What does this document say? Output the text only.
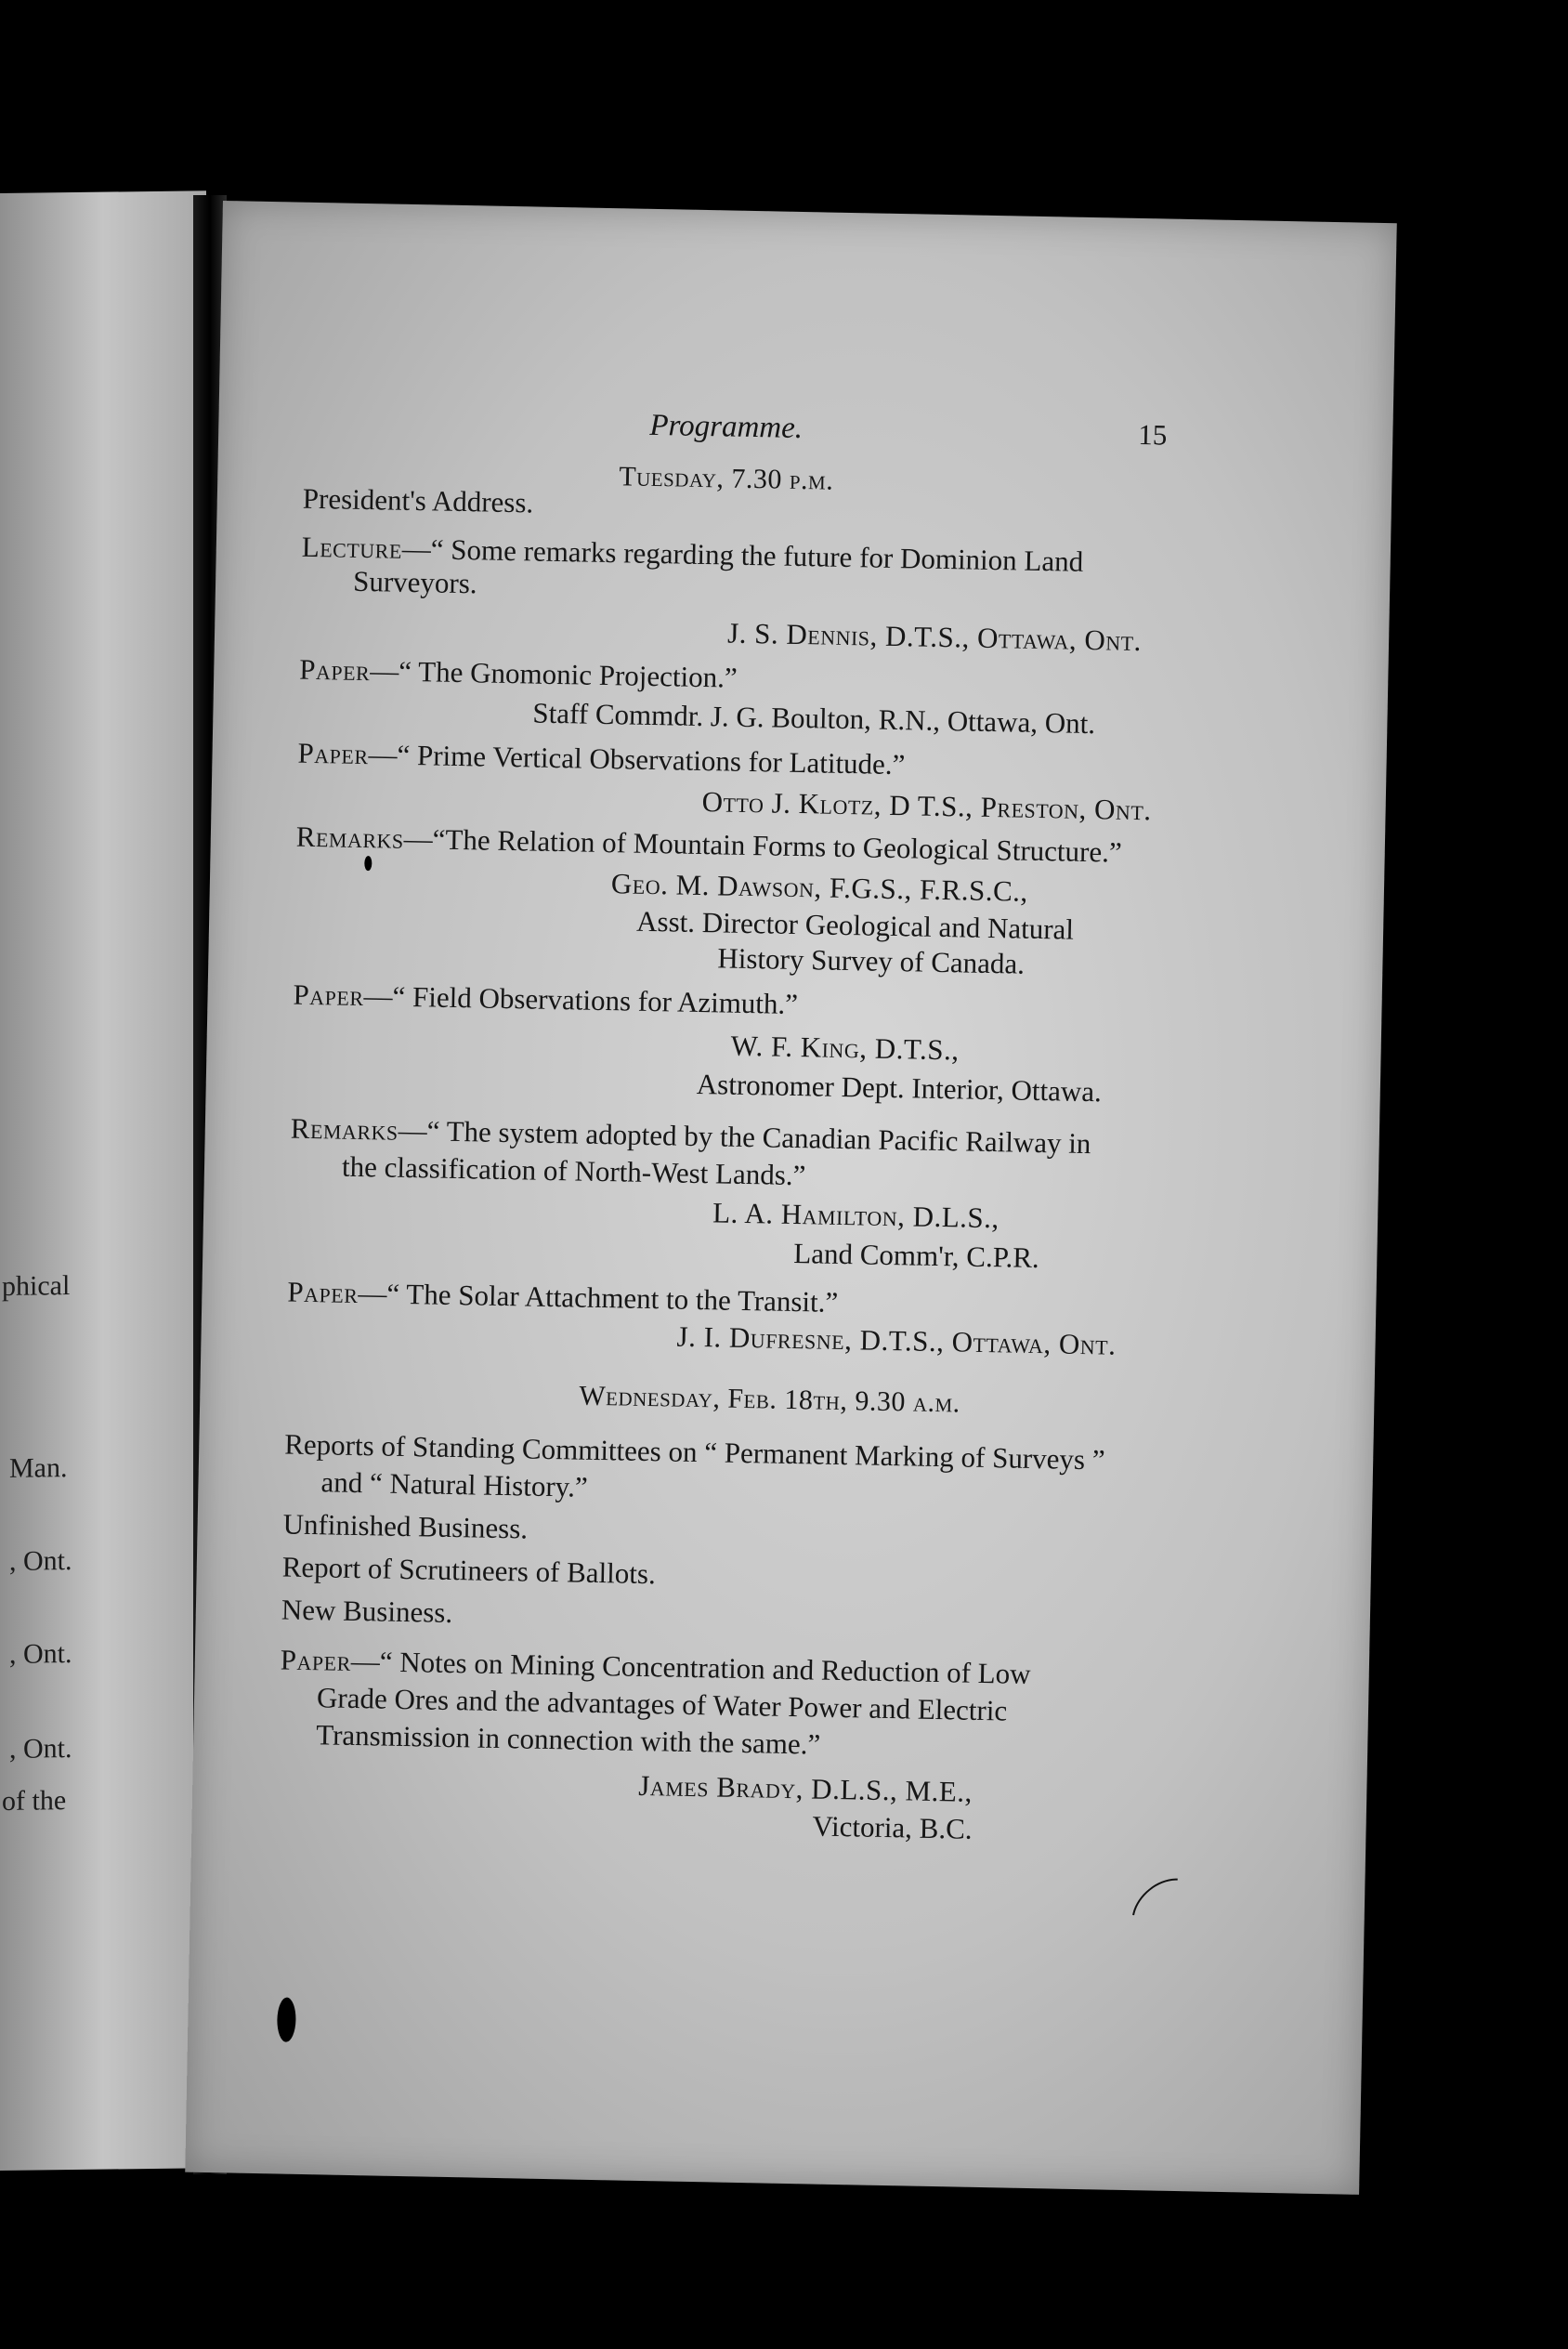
phical
Man.
, Ont.
, Ont.
, Ont.
of the
Programme.	15
Tuesday, 7.30 p.m.
President's Address.
Lecture—“ Some remarks regarding the future for Dominion Land
Surveyors.
J. S. Dennis, D.T.S., Ottawa, Ont.
Paper—“ The Gnomonic Projection.”
Staff Commdr. J. G. Boulton, R.N., Ottawa, Ont.
Paper—“ Prime Vertical Observations for Latitude.”
Otto J. Klotz, D T.S., Preston, Ont.
Remarks—“The Relation of Mountain Forms to Geological Structure.”
Geo. M. Dawson, F.G.S., F.R.S.C.,
Asst. Director Geological and Natural
History Survey of Canada.
Paper—“ Field Observations for Azimuth.”
W. F. King, D.T.S.,
Astronomer Dept. Interior, Ottawa.
Remarks—“ The system adopted by the Canadian Pacific Railway in
the classification of North-West Lands.”
L. A. Hamilton, D.L.S.,
Land Comm'r, C.P.R.
Paper—“ The Solar Attachment to the Transit.”
J. I. Dufresne, D.T.S., Ottawa, Ont.
Wednesday, Feb. 18th, 9.30 a.m.
Reports of Standing Committees on “ Permanent Marking of Surveys ”
and “ Natural History.”
Unfinished Business.
Report of Scrutineers of Ballots.
New Business.
Paper—“ Notes on Mining Concentration and Reduction of Low
Grade Ores and the advantages of Water Power and Electric
Transmission in connection with the same.”
James Brady, D.L.S., M.E.,
Victoria, B.C.
